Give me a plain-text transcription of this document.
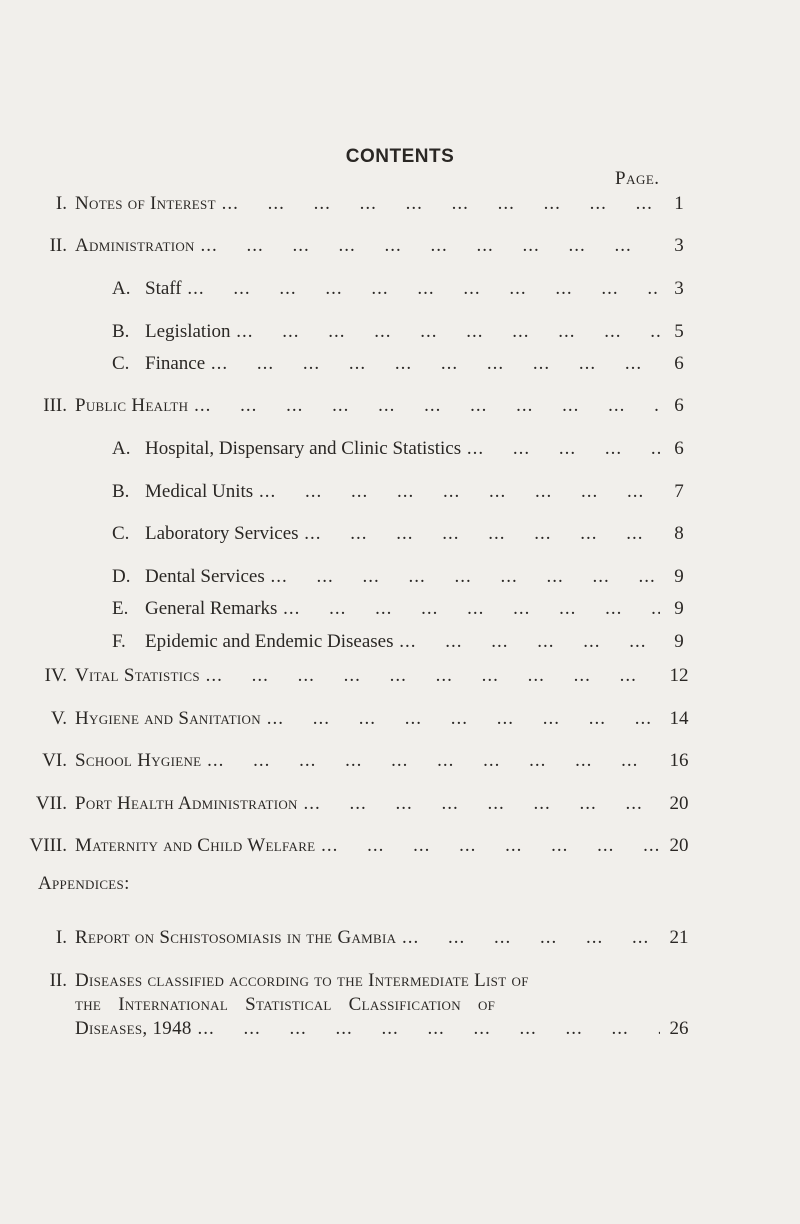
CONTENTS
Page.
I. Notes of Interest ...	1
II. Administration ...	3
A. Staff ...	3
B. Legislation ...	5
C. Finance ...	6
III. Public Health ...	6
A. Hospital, Dispensary and Clinic Statistics ...	6
B. Medical Units ...	7
C. Laboratory Services ...	8
D. Dental Services ...	9
E. General Remarks ...	9
F.	Epidemic and Endemic Diseases ...	9
IV. Vital Statistics ...	12
V. Hygiene and Sanitation ...	14
VI. School Hygiene ...	16
VII. Port Health Administration ...	20
VIII. Maternity and Child Welfare ...	20
Appendices:
I. Report on Schistosomiasis in the Gambia ...	21
II. Diseases classified according to the Intermediate List of
the International Statistical Classification of
Diseases, 1948 ...	26
